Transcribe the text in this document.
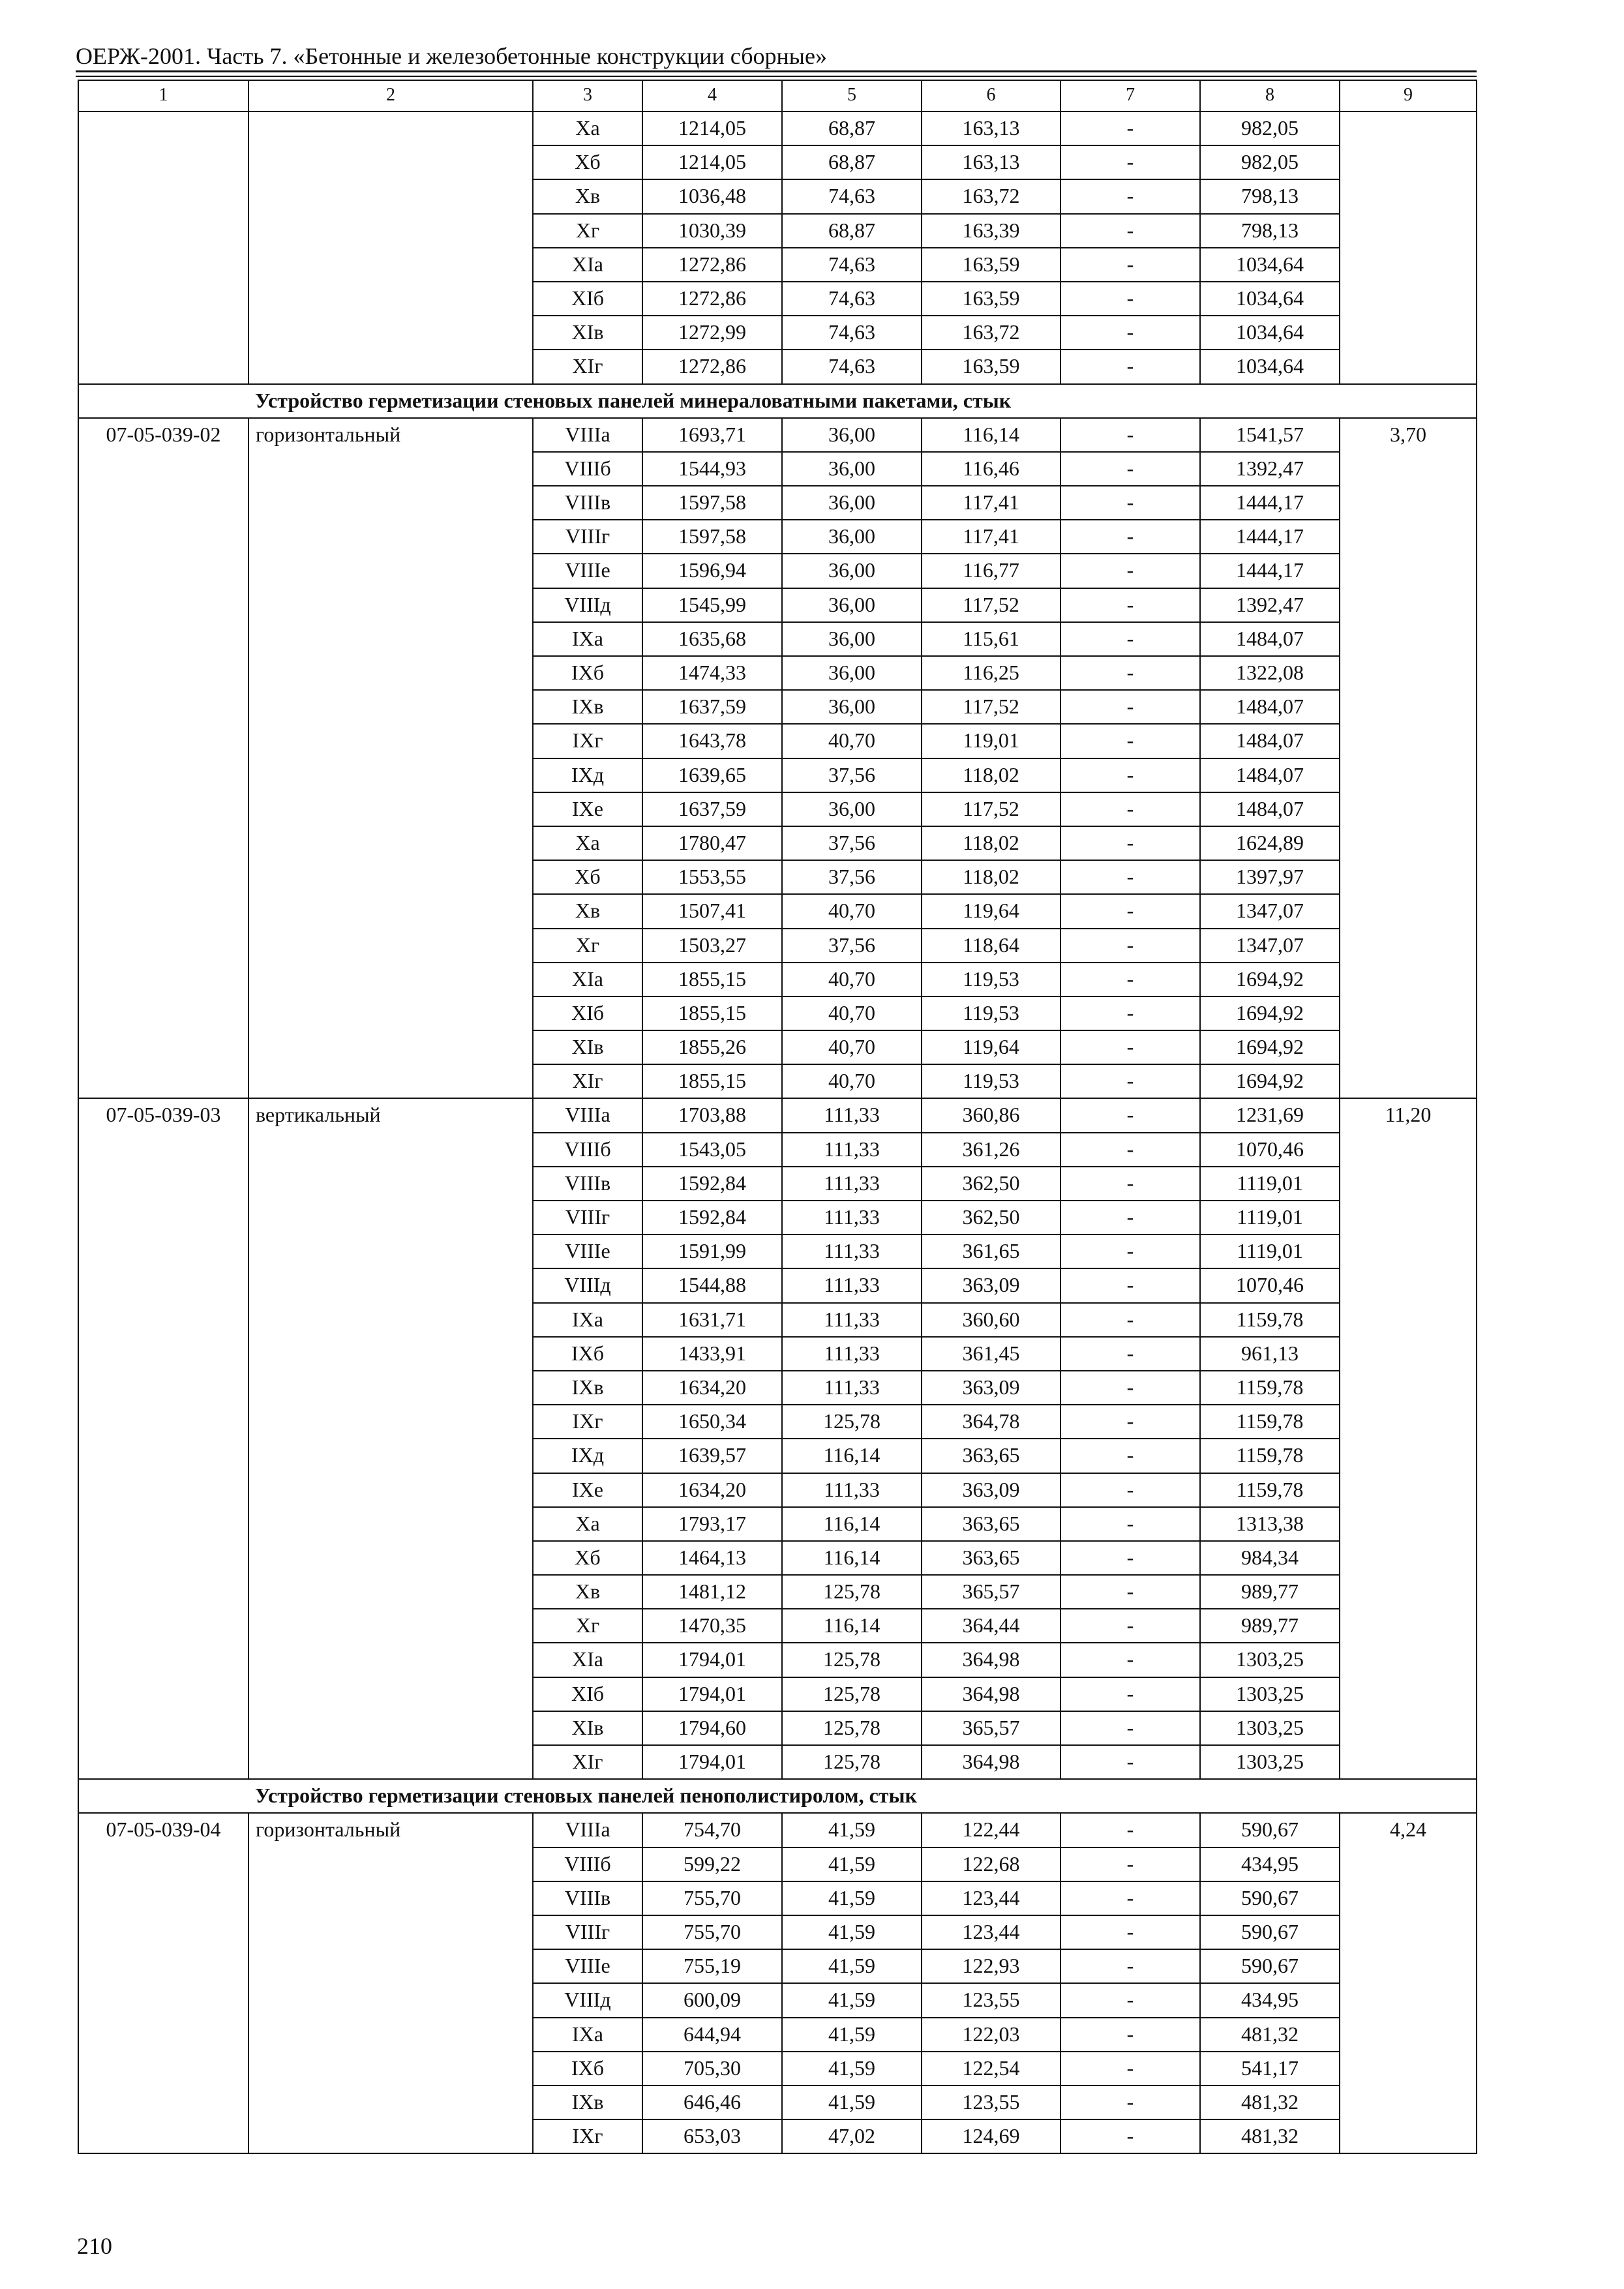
ОЕРЖ-2001. Часть 7. «Бетонные и железобетонные конструкции сборные»
1	2	3	4	5	6	7	8	9
		Xa	1214,05	68,87	163,13	-	982,05	
		Xб	1214,05	68,87	163,13	-	982,05	
		Xв	1036,48	74,63	163,72	-	798,13	
		Xг	1030,39	68,87	163,39	-	798,13	
		XIa	1272,86	74,63	163,59	-	1034,64	
		XIб	1272,86	74,63	163,59	-	1034,64	
		XIв	1272,99	74,63	163,72	-	1034,64	
		XIг	1272,86	74,63	163,59	-	1034,64	
Устройство герметизации стеновых панелей минераловатными пакетами, стык								
07-05-039-02	горизонтальный	VIIIa	1693,71	36,00	116,14	-	1541,57	3,70
		VIIIб	1544,93	36,00	116,46	-	1392,47	
		VIIIв	1597,58	36,00	117,41	-	1444,17	
		VIIIг	1597,58	36,00	117,41	-	1444,17	
		VIIIe	1596,94	36,00	116,77	-	1444,17	
		VIIIд	1545,99	36,00	117,52	-	1392,47	
		IXa	1635,68	36,00	115,61	-	1484,07	
		IXб	1474,33	36,00	116,25	-	1322,08	
		IXв	1637,59	36,00	117,52	-	1484,07	
		IXг	1643,78	40,70	119,01	-	1484,07	
		IXд	1639,65	37,56	118,02	-	1484,07	
		IXe	1637,59	36,00	117,52	-	1484,07	
		Xa	1780,47	37,56	118,02	-	1624,89	
		Xб	1553,55	37,56	118,02	-	1397,97	
		Xв	1507,41	40,70	119,64	-	1347,07	
		Xг	1503,27	37,56	118,64	-	1347,07	
		XIa	1855,15	40,70	119,53	-	1694,92	
		XIб	1855,15	40,70	119,53	-	1694,92	
		XIв	1855,26	40,70	119,64	-	1694,92	
		XIг	1855,15	40,70	119,53	-	1694,92	
07-05-039-03	вертикальный	VIIIa	1703,88	111,33	360,86	-	1231,69	11,20
		VIIIб	1543,05	111,33	361,26	-	1070,46	
		VIIIв	1592,84	111,33	362,50	-	1119,01	
		VIIIг	1592,84	111,33	362,50	-	1119,01	
		VIIIe	1591,99	111,33	361,65	-	1119,01	
		VIIIд	1544,88	111,33	363,09	-	1070,46	
		IXa	1631,71	111,33	360,60	-	1159,78	
		IXб	1433,91	111,33	361,45	-	961,13	
		IXв	1634,20	111,33	363,09	-	1159,78	
		IXг	1650,34	125,78	364,78	-	1159,78	
		IXд	1639,57	116,14	363,65	-	1159,78	
		IXe	1634,20	111,33	363,09	-	1159,78	
		Xa	1793,17	116,14	363,65	-	1313,38	
		Xб	1464,13	116,14	363,65	-	984,34	
		Xв	1481,12	125,78	365,57	-	989,77	
		Xг	1470,35	116,14	364,44	-	989,77	
		XIa	1794,01	125,78	364,98	-	1303,25	
		XIб	1794,01	125,78	364,98	-	1303,25	
		XIв	1794,60	125,78	365,57	-	1303,25	
		XIг	1794,01	125,78	364,98	-	1303,25	
Устройство герметизации стеновых панелей пенополистиролом, стык								
07-05-039-04	горизонтальный	VIIIa	754,70	41,59	122,44	-	590,67	4,24
		VIIIб	599,22	41,59	122,68	-	434,95	
		VIIIв	755,70	41,59	123,44	-	590,67	
		VIIIг	755,70	41,59	123,44	-	590,67	
		VIIIe	755,19	41,59	122,93	-	590,67	
		VIIIд	600,09	41,59	123,55	-	434,95	
		IXa	644,94	41,59	122,03	-	481,32	
		IXб	705,30	41,59	122,54	-	541,17	
		IXв	646,46	41,59	123,55	-	481,32	
		IXг	653,03	47,02	124,69	-	481,32	
210
